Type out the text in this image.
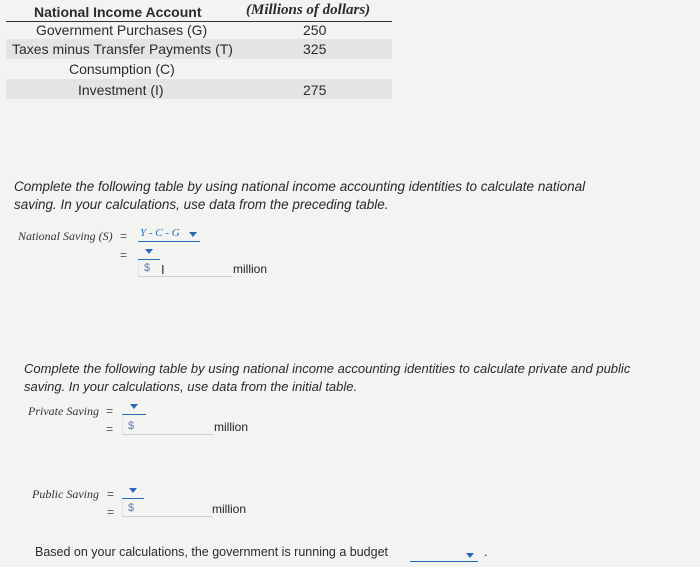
National Income Account	(Millions of dollars)
Government Purchases (G)	250
Taxes minus Transfer Payments (T)	325
Consumption (C)
Investment (I)	275
Complete the following table by using national income accounting identities to calculate national saving. In your calculations, use data from the preceding table.
National Saving (S) = Y - C - G
=
$ I	million
Complete the following table by using national income accounting identities to calculate private and public saving. In your calculations, use data from the initial table.
Private Saving =
=	$	million
Public Saving =
=	$	million
Based on your calculations, the government is running a budget	.
